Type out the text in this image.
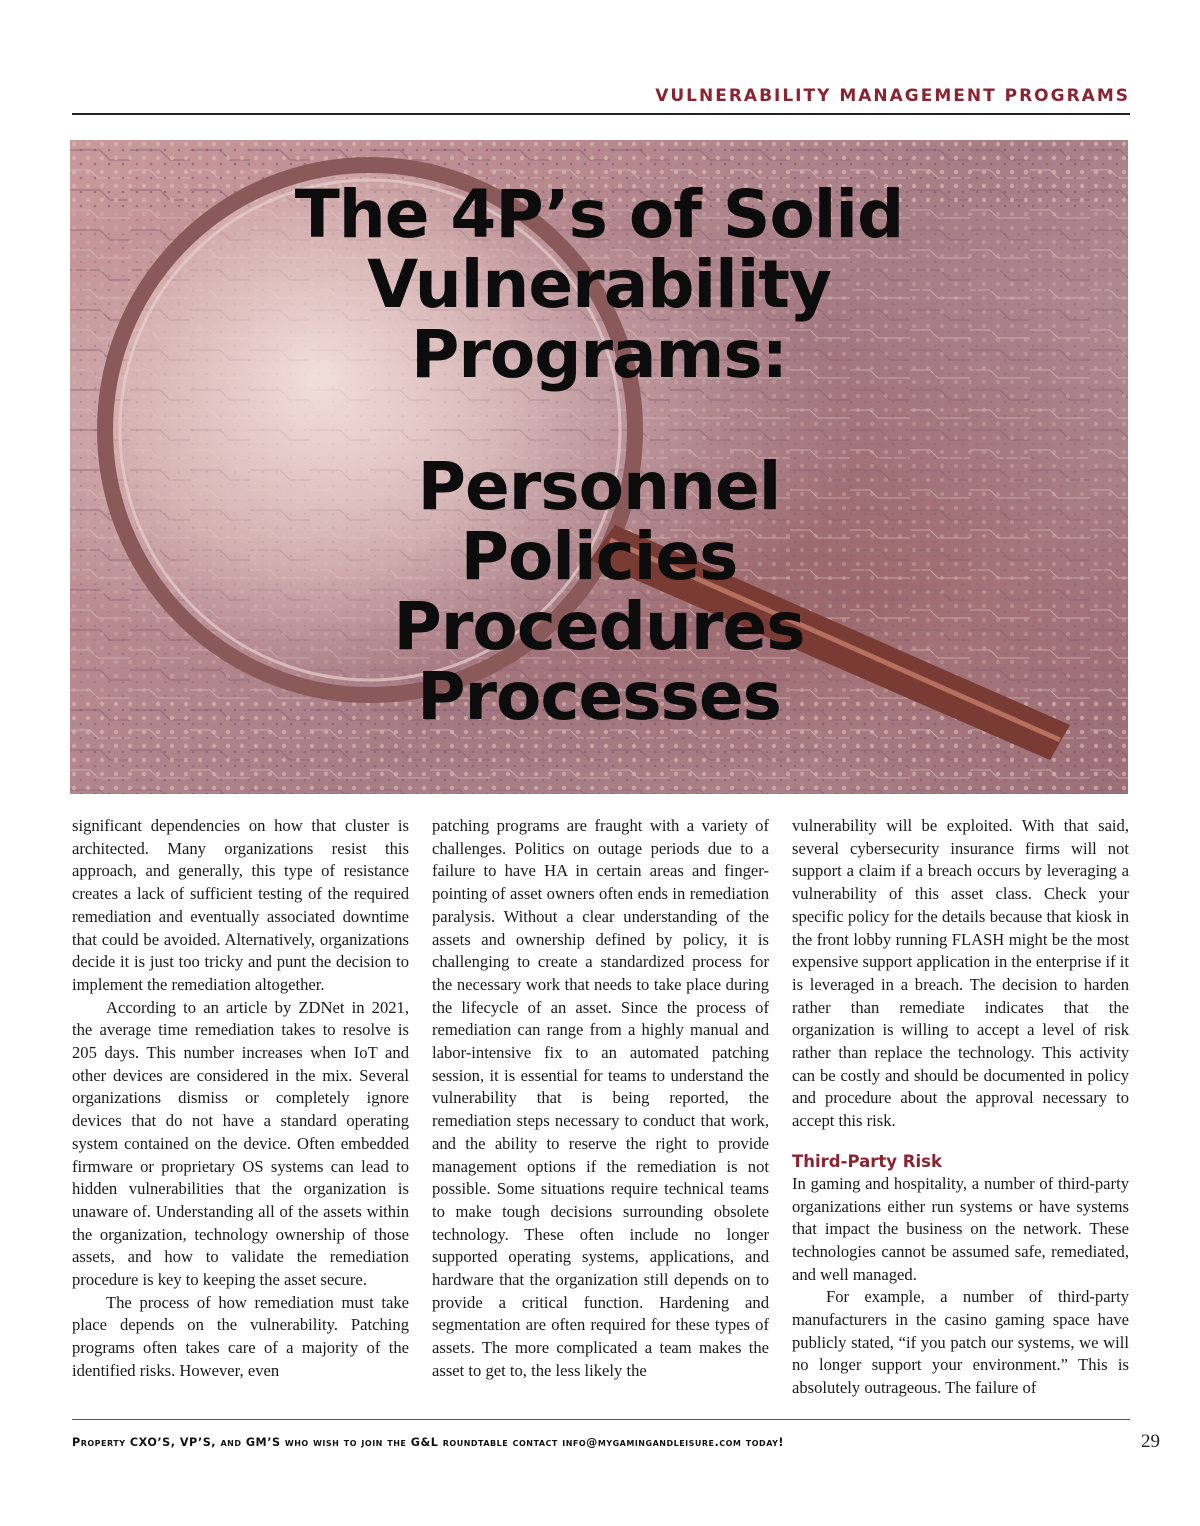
VULNERABILITY MANAGEMENT PROGRAMS
The 4P’s of Solid
Vulnerability
Programs:
Personnel
Policies
Procedures
Processes

significant dependencies on how that cluster is architected. Many organizations resist this approach, and generally, this type of resistance creates a lack of sufficient testing of the required remediation and eventually associated downtime that could be avoided. Alternatively, organizations decide it is just too tricky and punt the decision to implement the remediation altogether.

According to an article by ZDNet in 2021, the average time remediation takes to resolve is 205 days. This number increases when IoT and other devices are considered in the mix. Several organizations dismiss or completely ignore devices that do not have a standard operating system contained on the device. Often embedded firmware or proprietary OS systems can lead to hidden vulnerabilities that the organization is unaware of. Understanding all of the assets within the organization, technology ownership of those assets, and how to validate the remediation procedure is key to keeping the asset secure.

The process of how remediation must take place depends on the vulnerability. Patching programs often takes care of a majority of the identified risks. However, even

patching programs are fraught with a variety of challenges. Politics on outage periods due to a failure to have HA in certain areas and finger-pointing of asset owners often ends in remediation paralysis. Without a clear understanding of the assets and ownership defined by policy, it is challenging to create a standardized process for the necessary work that needs to take place during the lifecycle of an asset. Since the process of remediation can range from a highly manual and labor-intensive fix to an automated patching session, it is essential for teams to understand the vulnerability that is being reported, the remediation steps necessary to conduct that work, and the ability to reserve the right to provide management options if the remediation is not possible. Some situations require technical teams to make tough decisions surrounding obsolete technology. These often include no longer supported operating systems, applications, and hardware that the organization still depends on to provide a critical function. Hardening and segmentation are often required for these types of assets. The more complicated a team makes the asset to get to, the less likely the

vulnerability will be exploited. With that said, several cybersecurity insurance firms will not support a claim if a breach occurs by leveraging a vulnerability of this asset class. Check your specific policy for the details because that kiosk in the front lobby running FLASH might be the most expensive support application in the enterprise if it is leveraged in a breach. The decision to harden rather than remediate indicates that the organization is willing to accept a level of risk rather than replace the technology. This activity can be costly and should be documented in policy and procedure about the approval necessary to accept this risk.

Third-Party Risk

In gaming and hospitality, a number of third-party organizations either run systems or have systems that impact the business on the network. These technologies cannot be assumed safe, remediated, and well managed.

For example, a number of third-party manufacturers in the casino gaming space have publicly stated, “if you patch our systems, we will no longer support your environment.” This is absolutely outrageous. The failure of

Property CXO’S, VP’S, and GM’S who wish to join the G&L roundtable contact info@mygamingandleisure.com today!	29
